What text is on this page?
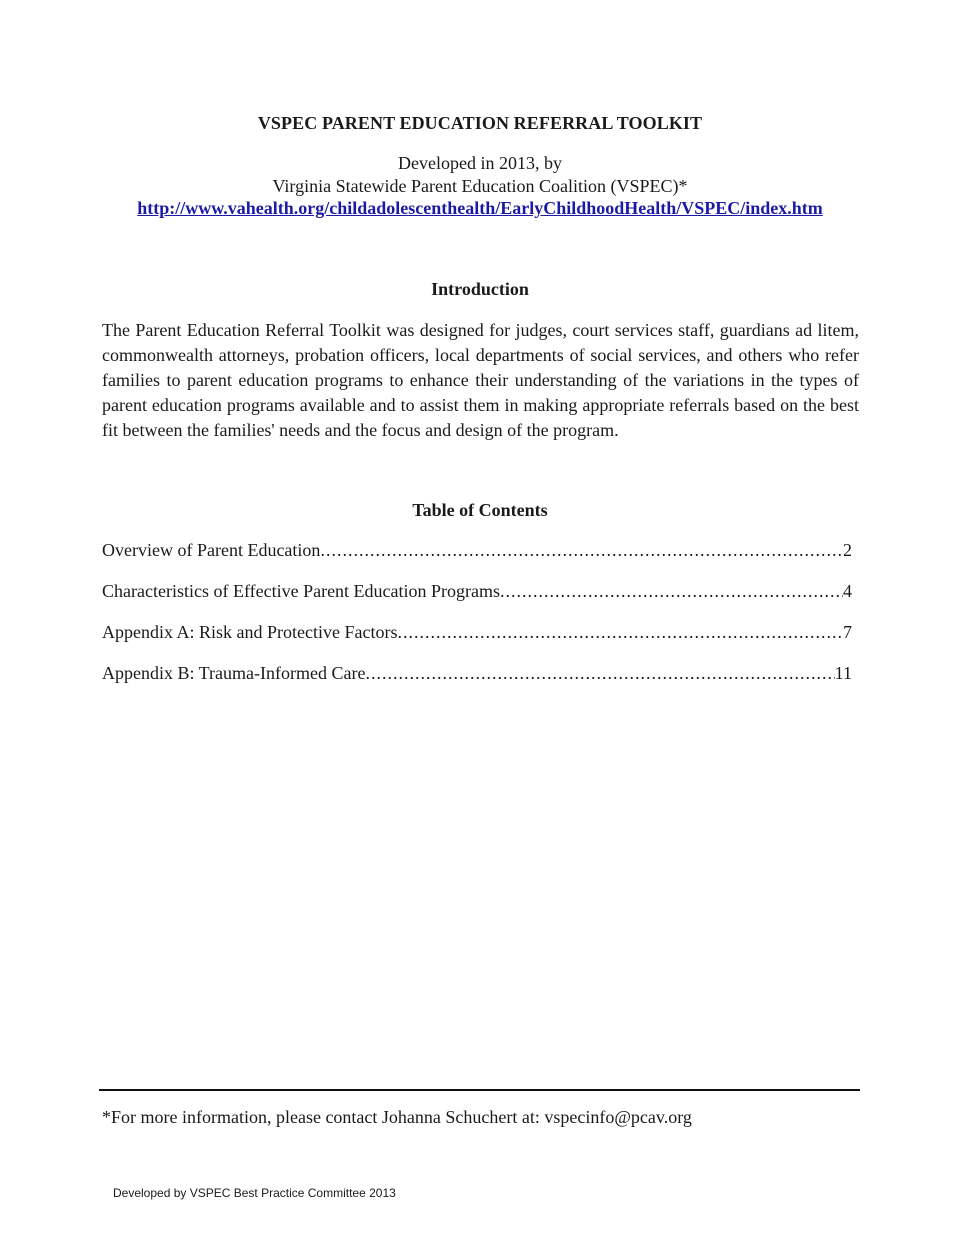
VSPEC PARENT EDUCATION REFERRAL TOOLKIT
Developed in 2013, by
Virginia Statewide Parent Education Coalition (VSPEC)*
http://www.vahealth.org/childadolescenthealth/EarlyChildhoodHealth/VSPEC/index.htm
Introduction

The Parent Education Referral Toolkit was designed for judges, court services staff, guardians ad litem, commonwealth attorneys, probation officers, local departments of social services, and others who refer families to parent education programs to enhance their understanding of the variations in the types of parent education programs available and to assist them in making appropriate referrals based on the best fit between the families' needs and the focus and design of the program.

Table of Contents
Overview of Parent Education .....	2
Characteristics of Effective Parent Education Programs .....	4
Appendix A: Risk and Protective Factors .....	7
Appendix B: Trauma-Informed Care .....	11
*For more information, please contact Johanna Schuchert at: vspecinfo@pcav.org
Developed by VSPEC Best Practice Committee 2013
